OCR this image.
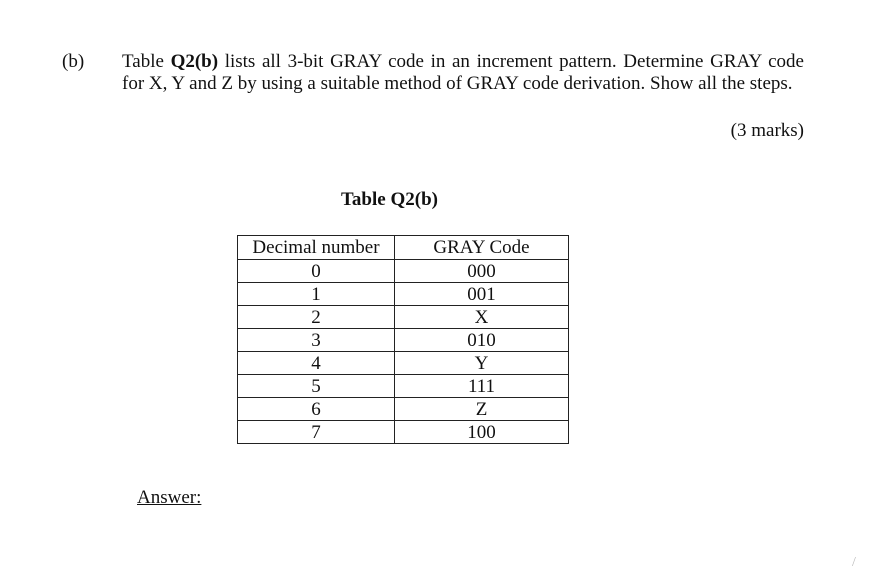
(b) Table Q2(b) lists all 3-bit GRAY code in an increment pattern. Determine GRAY code for X, Y and Z by using a suitable method of GRAY code derivation. Show all the steps.
(3 marks)
Table Q2(b)
Decimal number	GRAY Code
0	000
1	001
2	X
3	010
4	Y
5	111
6	Z
7	100
Answer:
/
